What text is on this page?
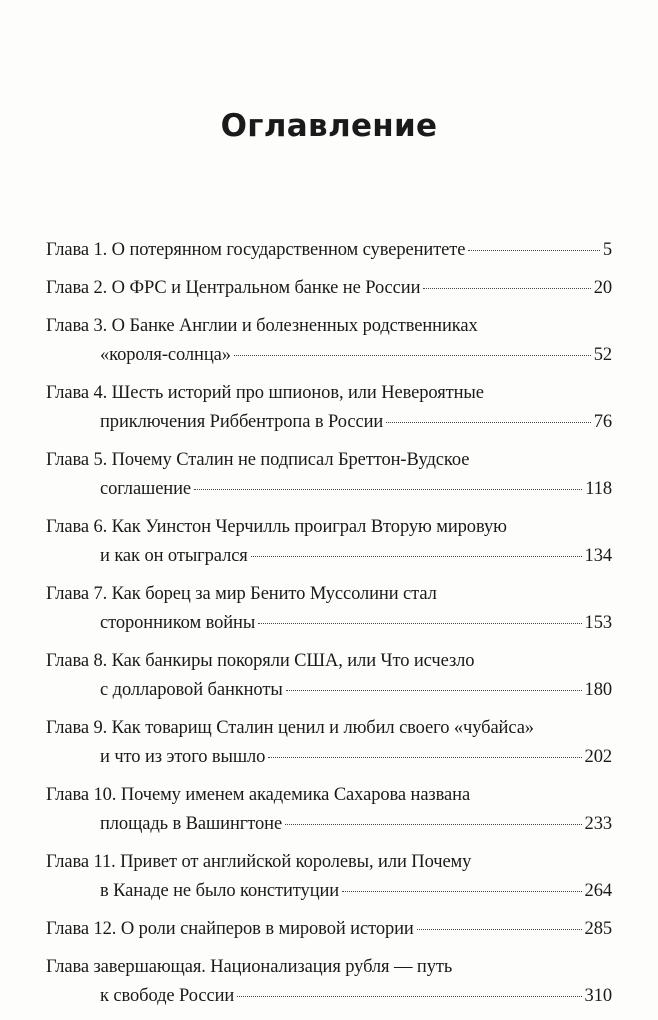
Оглавление
Глава 1. О потерянном государственном суверенитете	5
Глава 2. О ФРС и Центральном банке не России	20
Глава 3. О Банке Англии и болезненных родственниках
«короля-солнца»	52
Глава 4. Шесть историй про шпионов, или Невероятные
приключения Риббентропа в России	76
Глава 5. Почему Сталин не подписал Бреттон-Вудское
соглашение	118
Глава 6. Как Уинстон Черчилль проиграл Вторую мировую
и как он отыгрался	134
Глава 7. Как борец за мир Бенито Муссолини стал
сторонником войны	153
Глава 8. Как банкиры покоряли США, или Что исчезло
с долларовой банкноты	180
Глава 9. Как товарищ Сталин ценил и любил своего «чубайса»
и что из этого вышло	202
Глава 10. Почему именем академика Сахарова названа
площадь в Вашингтоне	233
Глава 11. Привет от английской королевы, или Почему
в Канаде не было конституции	264
Глава 12. О роли снайперов в мировой истории	285
Глава завершающая. Национализация рубля — путь
к свободе России	310
